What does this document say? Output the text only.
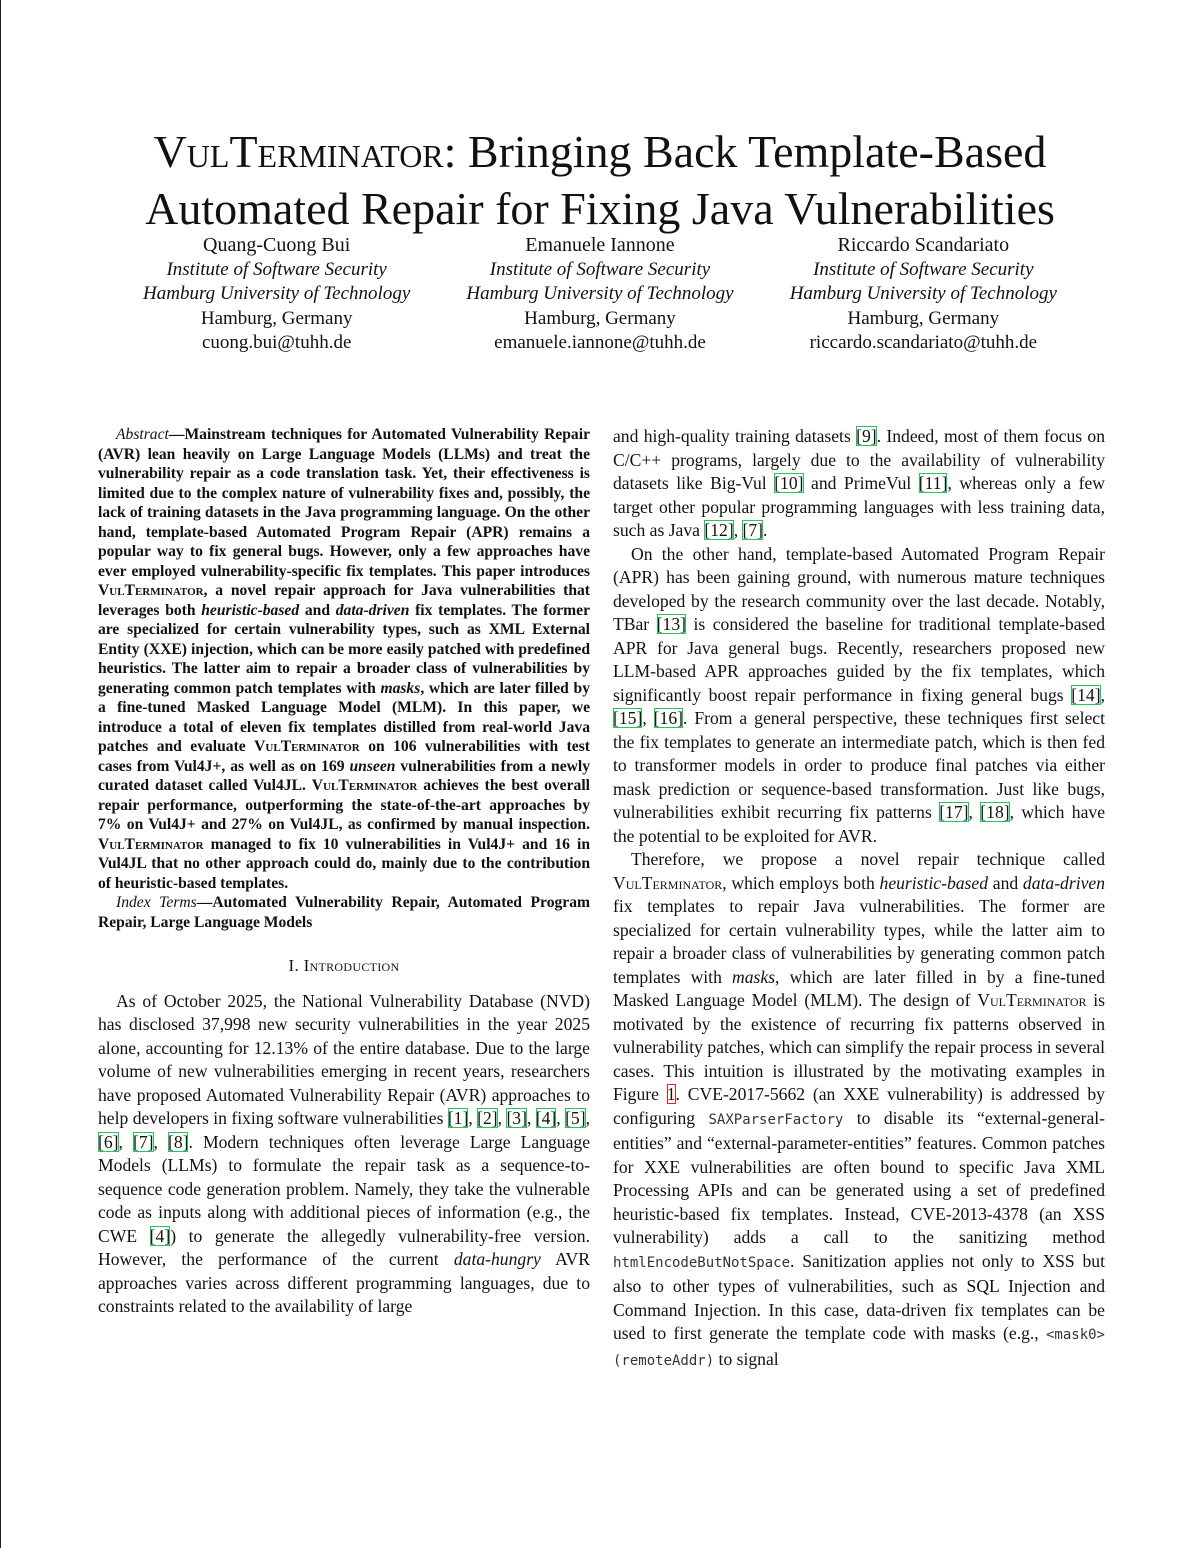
VulTerminator: Bringing Back Template-Based Automated Repair for Fixing Java Vulnerabilities
Quang-Cuong Bui
Institute of Software Security
Hamburg University of Technology
Hamburg, Germany
cuong.bui@tuhh.de
Emanuele Iannone
Institute of Software Security
Hamburg University of Technology
Hamburg, Germany
emanuele.iannone@tuhh.de
Riccardo Scandariato
Institute of Software Security
Hamburg University of Technology
Hamburg, Germany
riccardo.scandariato@tuhh.de

Abstract—Mainstream techniques for Automated Vulnerability Repair (AVR) lean heavily on Large Language Models (LLMs) and treat the vulnerability repair as a code translation task. Yet, their effectiveness is limited due to the complex nature of vulnerability fixes and, possibly, the lack of training datasets in the Java programming language. On the other hand, template-based Automated Program Repair (APR) remains a popular way to fix general bugs. However, only a few approaches have ever employed vulnerability-specific fix templates. This paper introduces VulTerminator, a novel repair approach for Java vulnerabilities that leverages both heuristic-based and data-driven fix templates. The former are specialized for certain vulnerability types, such as XML External Entity (XXE) injection, which can be more easily patched with predefined heuristics. The latter aim to repair a broader class of vulnerabilities by generating common patch templates with masks, which are later filled by a fine-tuned Masked Language Model (MLM). In this paper, we introduce a total of eleven fix templates distilled from real-world Java patches and evaluate VulTerminator on 106 vulnerabilities with test cases from Vul4J+, as well as on 169 unseen vulnerabilities from a newly curated dataset called Vul4JL. VulTerminator achieves the best overall repair performance, outperforming the state-of-the-art approaches by 7% on Vul4J+ and 27% on Vul4JL, as confirmed by manual inspection. VulTerminator managed to fix 10 vulnerabilities in Vul4J+ and 16 in Vul4JL that no other approach could do, mainly due to the contribution of heuristic-based templates.

Index Terms—Automated Vulnerability Repair, Automated Program Repair, Large Language Models

I. Introduction

As of October 2025, the National Vulnerability Database (NVD) has disclosed 37,998 new security vulnerabilities in the year 2025 alone, accounting for 12.13% of the entire database. Due to the large volume of new vulnerabilities emerging in recent years, researchers have proposed Automated Vulnerability Repair (AVR) approaches to help developers in fixing software vulnerabilities [1], [2], [3], [4], [5], [6], [7], [8]. Modern techniques often leverage Large Language Models (LLMs) to formulate the repair task as a sequence-to-sequence code generation problem. Namely, they take the vulnerable code as inputs along with additional pieces of information (e.g., the CWE [4]) to generate the allegedly vulnerability-free version. However, the performance of the current data-hungry AVR approaches varies across different programming languages, due to constraints related to the availability of large

and high-quality training datasets [9]. Indeed, most of them focus on C/C++ programs, largely due to the availability of vulnerability datasets like Big-Vul [10] and PrimeVul [11], whereas only a few target other popular programming languages with less training data, such as Java [12], [7].

On the other hand, template-based Automated Program Repair (APR) has been gaining ground, with numerous mature techniques developed by the research community over the last decade. Notably, TBar [13] is considered the baseline for traditional template-based APR for Java general bugs. Recently, researchers proposed new LLM-based APR approaches guided by the fix templates, which significantly boost repair performance in fixing general bugs [14], [15], [16]. From a general perspective, these techniques first select the fix templates to generate an intermediate patch, which is then fed to transformer models in order to produce final patches via either mask prediction or sequence-based transformation. Just like bugs, vulnerabilities exhibit recurring fix patterns [17], [18], which have the potential to be exploited for AVR.

Therefore, we propose a novel repair technique called VulTerminator, which employs both heuristic-based and data-driven fix templates to repair Java vulnerabilities. The former are specialized for certain vulnerability types, while the latter aim to repair a broader class of vulnerabilities by generating common patch templates with masks, which are later filled in by a fine-tuned Masked Language Model (MLM). The design of VulTerminator is motivated by the existence of recurring fix patterns observed in vulnerability patches, which can simplify the repair process in several cases. This intuition is illustrated by the motivating examples in Figure 1. CVE-2017-5662 (an XXE vulnerability) is addressed by configuring SAXParserFactory to disable its “external-general-entities” and “external-parameter-entities” features. Common patches for XXE vulnerabilities are often bound to specific Java XML Processing APIs and can be generated using a set of predefined heuristic-based fix templates. Instead, CVE-2013-4378 (an XSS vulnerability) adds a call to the sanitizing method htmlEncodeButNotSpace. Sanitization applies not only to XSS but also to other types of vulnerabilities, such as SQL Injection and Command Injection. In this case, data-driven fix templates can be used to first generate the template code with masks (e.g., <mask0>(remoteAddr) to signal
